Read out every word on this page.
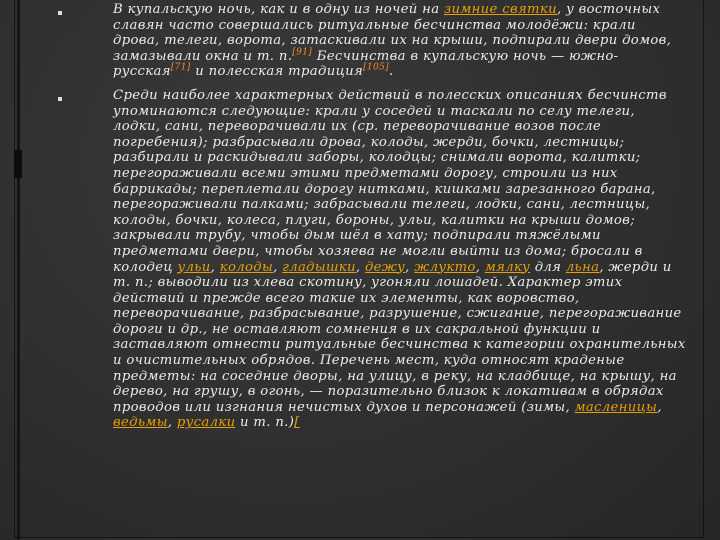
В купальскую ночь, как и в одну из ночей на зимние святки, у восточных славян часто совершались ритуальные бесчинства молодёжи: крали дрова, телеги, ворота, затаскивали их на крыши, подпирали двери домов, замазывали окна и т. п.[91] Бесчинства в купальскую ночь — южно-русская[71] и полесская традиция[105].

Среди наиболее характерных действий в полесских описаниях бесчинств упоминаются следующие: крали у соседей и таскали по селу телеги, лодки, сани, переворачивали их (ср. переворачивание возов после погребения); разбрасывали дрова, колоды, жерди, бочки, лестницы; разбирали и раскидывали заборы, колодцы; снимали ворота, калитки; перегораживали всеми этими предметами дорогу, строили из них баррикады; переплетали дорогу нитками, кишками зарезанного барана, перегораживали палками; забрасывали телеги, лодки, сани, лестницы, колоды, бочки, колеса, плуги, бороны, ульи, калитки на крыши домов; закрывали трубу, чтобы дым шёл в хату; подпирали тяжёлыми предметами двери, чтобы хозяева не могли выйти из дома; бросали в колодец ульи, колоды, гладышки, дежу, жлукто, мялку для льна, жерди и т. п.; выводили из хлева скотину, угоняли лошадей. Характер этих действий и прежде всего такие их элементы, как воровство, переворачивание, разбрасывание, разрушение, сжигание, перегораживание дороги и др., не оставляют сомнения в их сакральной функции и заставляют отнести ритуальные бесчинства к категории охранительных и очистительных обрядов. Перечень мест, куда относят краденые предметы: на соседние дворы, на улицу, в реку, на кладбище, на крышу, на дерево, на грушу, в огонь, — поразительно близок к локативам в обрядах проводов или изгнания нечистых духов и персонажей (зимы, масленицы, ведьмы, русалки и т. п.)[
